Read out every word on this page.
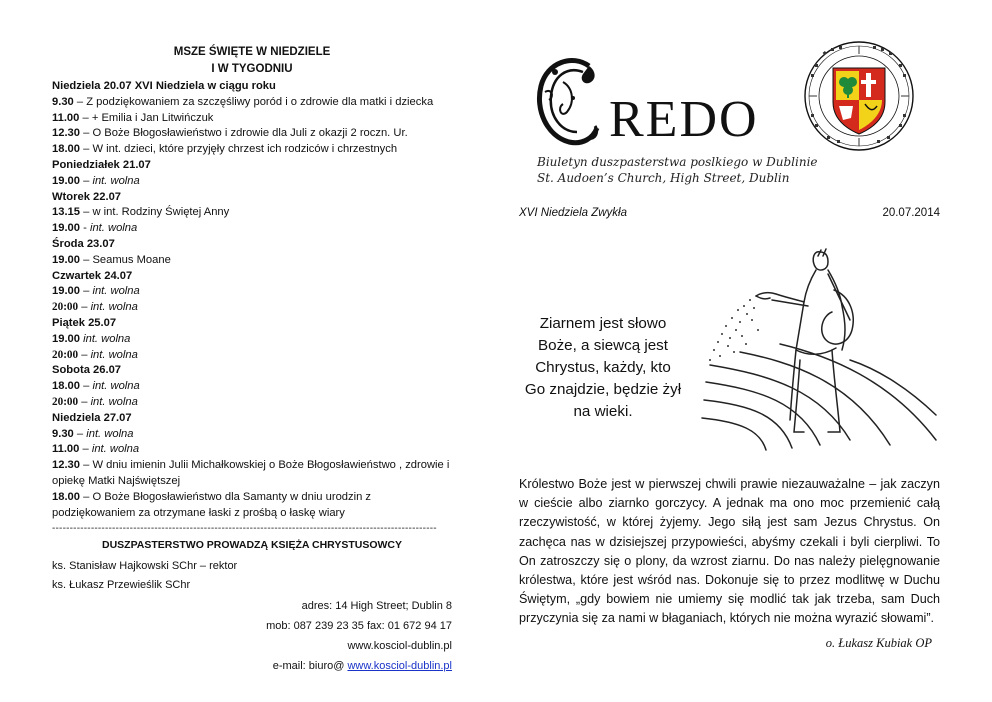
MSZE ŚWIĘTE W NIEDZIELE
I W TYGODNIU
Niedziela 20.07 XVI Niedziela w ciągu roku
9.30 – Z podziękowaniem za szczęśliwy poród i o zdrowie dla matki i dziecka
11.00 – + Emilia i Jan Litwińczuk
12.30 – O Boże Błogosławieństwo i zdrowie dla Juli z okazji 2 roczn. Ur.
18.00 – W int. dzieci, które przyjęły chrzest ich rodziców i chrzestnych
Poniedziałek 21.07
19.00 – int. wolna
Wtorek 22.07
13.15 – w int. Rodziny Świętej Anny
19.00 - int. wolna
Środa 23.07
19.00 – Seamus Moane
Czwartek 24.07
19.00 – int. wolna
20:00 – int. wolna
Piątek 25.07
19.00 int. wolna
20:00 – int. wolna
Sobota 26.07
18.00 – int. wolna
20:00 – int. wolna
Niedziela 27.07
9.30 – int. wolna
11.00 – int. wolna
12.30 – W dniu imienin Julii Michałkowskiej o Boże Błogosławieństwo , zdrowie i opiekę Matki Najświętszej
18.00 – O Boże Błogosławieństwo dla Samanty w dniu urodzin z podziękowaniem za otrzymane łaski z prośbą o łaskę wiary
-------------------------------------------------------------------------------------------------------------
DUSZPASTERSTWO PROWADZĄ KSIĘŻA CHRYSTUSOWCY
ks. Stanisław Hajkowski SChr – rektor
ks. Łukasz Przewieślik SChr
adres: 14 High Street; Dublin 8
mob: 087 239 23 35 fax: 01 672 94 17
www.kosciol-dublin.pl
e-mail: biuro@ www.kosciol-dublin.pl
REDO
Biuletyn duszpasterstwa poslkiego w Dublinie
St. Audoen’s Church, High Street, Dublin
XVI Niedziela Zwykła	20.07.2014
Ziarnem jest słowo Boże, a siewcą jest Chrystus, każdy, kto Go znajdzie, będzie żył na wieki.
Królestwo Boże jest w pierwszej chwili prawie niezauważalne – jak zaczyn w cieście albo ziarnko gorczycy. A jednak ma ono moc przemienić całą rzeczywistość, w której żyjemy. Jego siłą jest sam Jezus Chrystus. On zachęca nas w dzisiejszej przypowieści, abyśmy czekali i byli cierpliwi. To On zatroszczy się o plony, da wzrost ziarnu. Do nas należy pielęgnowanie królestwa, które jest wśród nas. Dokonuje się to przez modlitwę w Duchu Świętym, „gdy bowiem nie umiemy się modlić tak jak trzeba, sam Duch przyczynia się za nami w błaganiach, których nie można wyrazić słowami”.
o. Łukasz Kubiak OP
